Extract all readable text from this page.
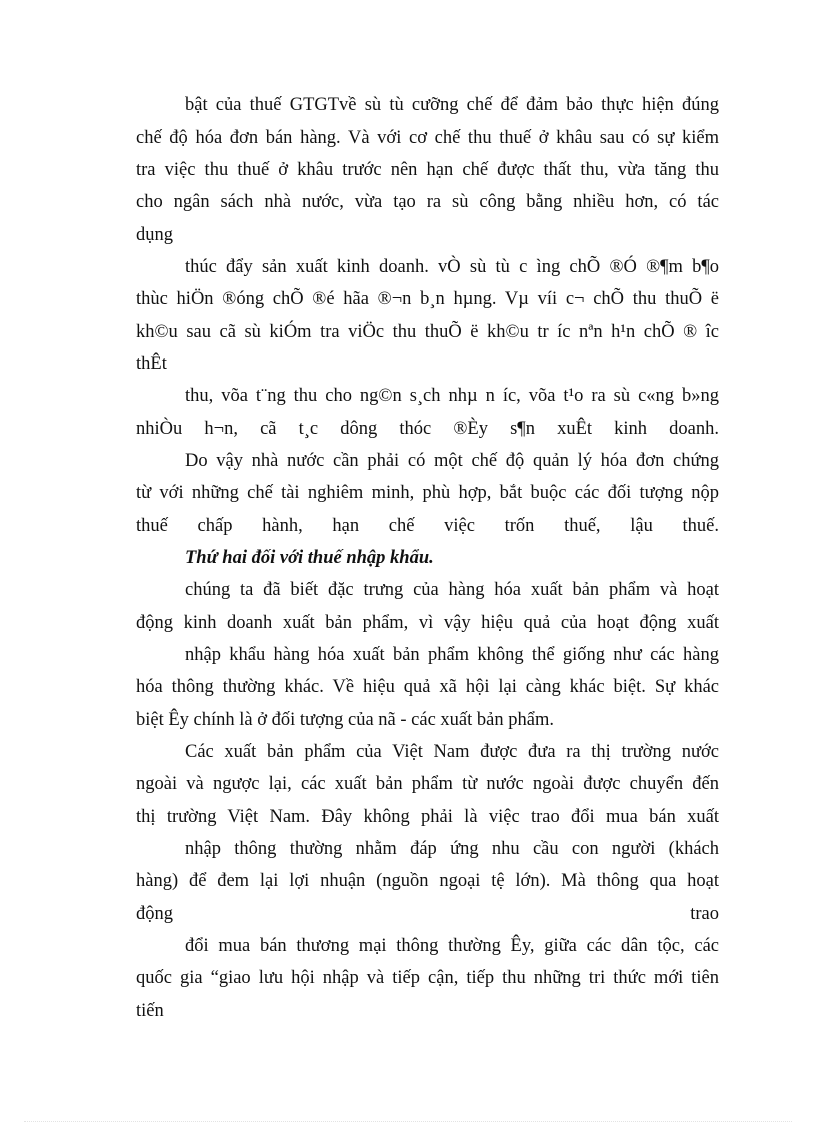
bật của thuế GTGTvề sù tù cưỡng chế để đảm bảo thực hiện đúng
chế độ hóa đơn bán hàng. Và với cơ chế thu thuế ở khâu sau có sự kiểm
tra việc thu thuế ở khâu trước nên hạn chế được thất thu, vừa tăng thu
cho ngân sách nhà nước, vừa tạo ra sù công bằng nhiều hơn, có tác
dụng
thúc đẩy sản xuất kinh doanh. vÒ sù tù c ìng chÕ ®Ó ®¶m b¶o
thùc hiÖn ®óng chÕ ®é hãa ®¬n b¸n hµng. Vµ víi c¬ chÕ thu thuÕ ë
kh©u sau cã sù kiÓm tra viÖc thu thuÕ ë kh©u tr íc nªn h¹n chÕ ® îc
thÊt
thu, võa t¨ng thu cho ng©n s¸ch nhµ n íc, võa t¹o ra sù c«ng b»ng
nhiÒu h¬n, cã t¸c dông thóc ®Èy s¶n xuÊt kinh doanh.
Do vậy nhà nước cần phải có một chế độ quản lý hóa đơn chứng
từ với những chế tài nghiêm minh, phù hợp, bắt buộc các đối tượng nộp
thuế chấp hành, hạn chế việc trốn thuế, lậu thuế.
Thứ hai đối với thuế nhập khẩu.
chúng ta đã biết đặc trưng của hàng hóa xuất bản phẩm và hoạt
động kinh doanh xuất bản phẩm, vì vậy hiệu quả của hoạt động xuất
nhập khẩu hàng hóa xuất bản phẩm không thể giống như các hàng
hóa thông thường khác. Về hiệu quả xã hội lại càng khác biệt. Sự khác
biệt Êy chính là ở đối tượng của nã - các xuất bản phẩm.
Các xuất bản phẩm của Việt Nam được đưa ra thị trường nước
ngoài và ngược lại, các xuất bản phẩm từ nước ngoài được chuyển đến
thị trường Việt Nam. Đây không phải là việc trao đổi mua bán xuất
nhập thông thường nhằm đáp ứng nhu cầu con người (khách
hàng) để đem lại lợi nhuận (nguồn ngoại tệ lớn). Mà thông qua hoạt
động trao
đổi mua bán thương mại thông thường Êy, giữa các dân tộc, các
quốc gia “giao lưu hội nhập và tiếp cận, tiếp thu những tri thức mới tiên
tiến
